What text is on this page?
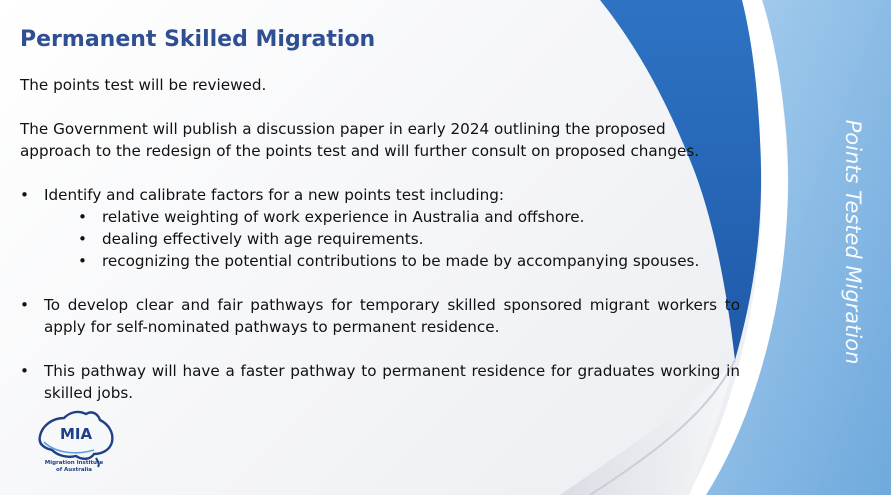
Permanent Skilled Migration

The points test will be reviewed.

The Government will publish a discussion paper in early 2024 outlining the proposed approach to the redesign of the points test and will further consult on proposed changes.

• Identify and calibrate factors for a new points test including:
• relative weighting of work experience in Australia and offshore.
• dealing effectively with age requirements.
• recognizing the potential contributions to be made by accompanying spouses.
• To develop clear and fair pathways for temporary skilled sponsored migrant workers to apply for self-nominated pathways to permanent residence.
• This pathway will have a faster pathway to permanent residence for graduates working in skilled jobs.
Points Tested Migration
MIA
Migration Institute
of Australia
